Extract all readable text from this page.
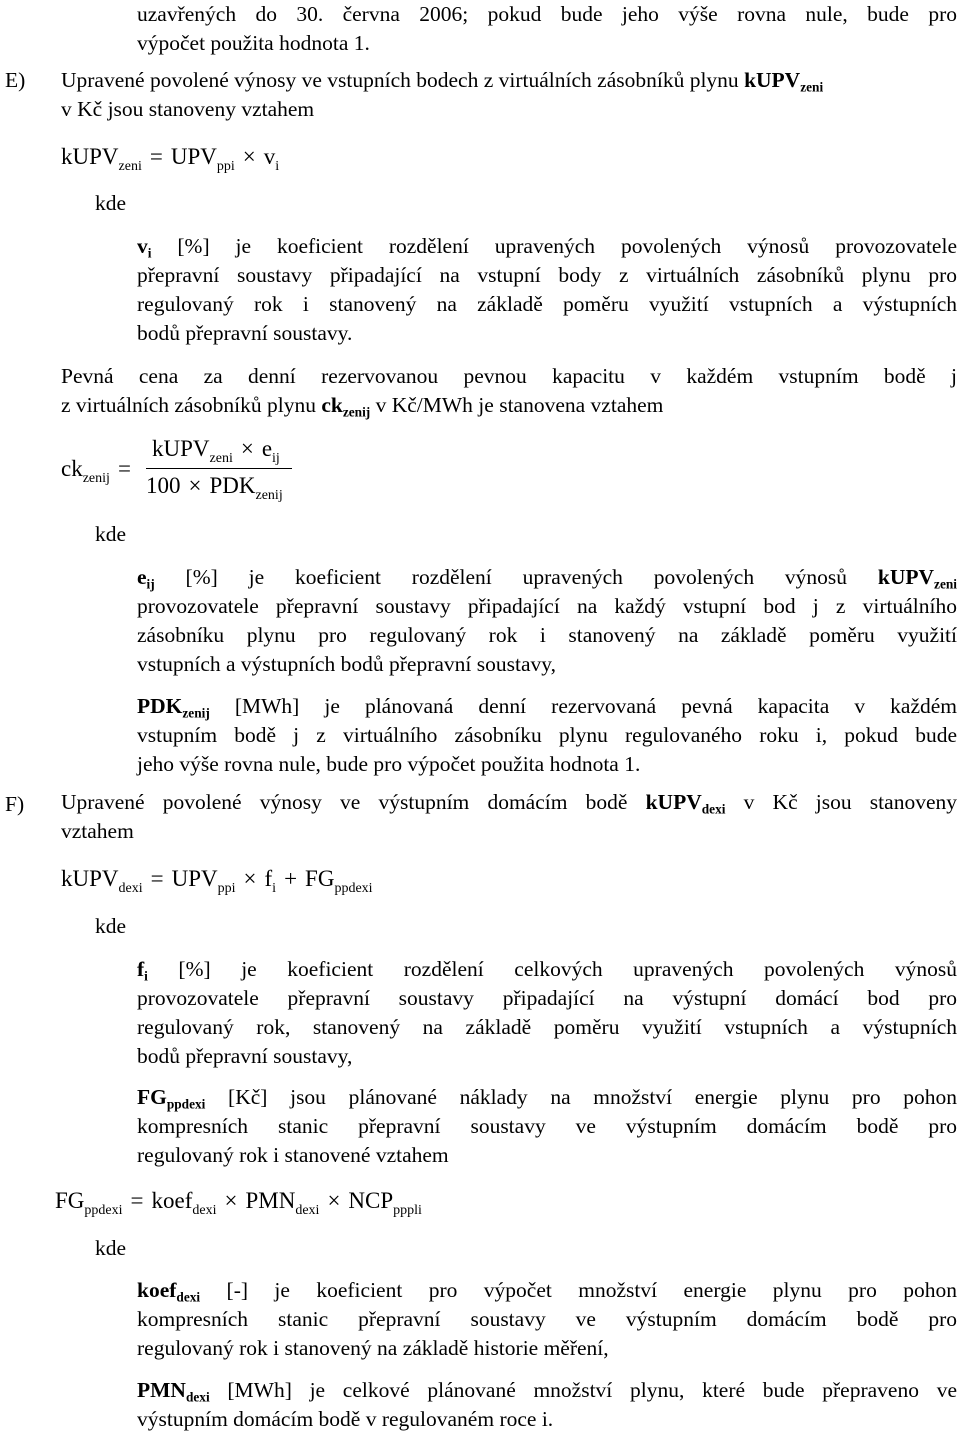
uzavřených do 30. června 2006; pokud bude jeho výše rovna nule, bude pro
výpočet použita hodnota 1.
E) Upravené povolené výnosy ve vstupních bodech z virtuálních zásobníků plynu kUPV$_{zeni}$
v Kč jsou stanoveny vztahem
kUPV$_{zeni}$ = $UPV_{ppi} \times v_i$
kde
$v_i$ [%] je koeficient rozdělení upravených povolených výnosů provozovatele
přepravní soustavy připadající na vstupní body z virtuálních zásobníků plynu pro
regulovaný rok i stanovený na základě poměru využití vstupních a výstupních
bodů přepravní soustavy.
Pevná cena za denní rezervovanou pevnou kapacitu v každém vstupním bodě j
z virtuálních zásobníků plynu $ck_{zenij}$ v Kč/MWh je stanovena vztahem
$ck_{zenij}$ =
kUPV$_{zeni}$ × $e_{ij}$
$100 \times PDK_{zenij}$
kde
$e_{ij}$ [%] je koeficient rozdělení upravených povolených výnosů kUPV$_{zeni}$
provozovatele přepravní soustavy připadající na každý vstupní bod j z virtuálního
zásobníku plynu pro regulovaný rok i stanovený na základě poměru využití
vstupních a výstupních bodů přepravní soustavy,
$PDK_{zenij}$ [MWh] je plánovaná denní rezervovaná pevná kapacita v každém
vstupním bodě j z virtuálního zásobníku plynu regulovaného roku i, pokud bude
jeho výše rovna nule, bude pro výpočet použita hodnota 1.
F) Upravené povolené výnosy ve výstupním domácím bodě kUPV$_{dexi}$ v Kč jsou stanoveny
vztahem
kUPV$_{dexi}$ = $UPV_{ppi} \times f_i + FG_{ppdexi}$
kde
$f_i$ [%] je koeficient rozdělení celkových upravených povolených výnosů
provozovatele přepravní soustavy připadající na výstupní domácí bod pro
regulovaný rok, stanovený na základě poměru využití vstupních a výstupních
bodů přepravní soustavy,
$FG_{ppdexi}$ [Kč] jsou plánované náklady na množství energie plynu pro pohon
kompresních stanic přepravní soustavy ve výstupním domácím bodě pro
regulovaný rok i stanovené vztahem
$FG_{ppdexi}$ = koef$_{dexi}$ × $PMN_{dexi} \times NCP_{pppli}$
kde
koef$_{dexi}$ [-] je koeficient pro výpočet množství energie plynu pro pohon
kompresních stanic přepravní soustavy ve výstupním domácím bodě pro
regulovaný rok i stanovený na základě historie měření,
$PMN_{dexi}$ [MWh] je celkové plánované množství plynu, které bude přepraveno ve
výstupním domácím bodě v regulovaném roce i.
